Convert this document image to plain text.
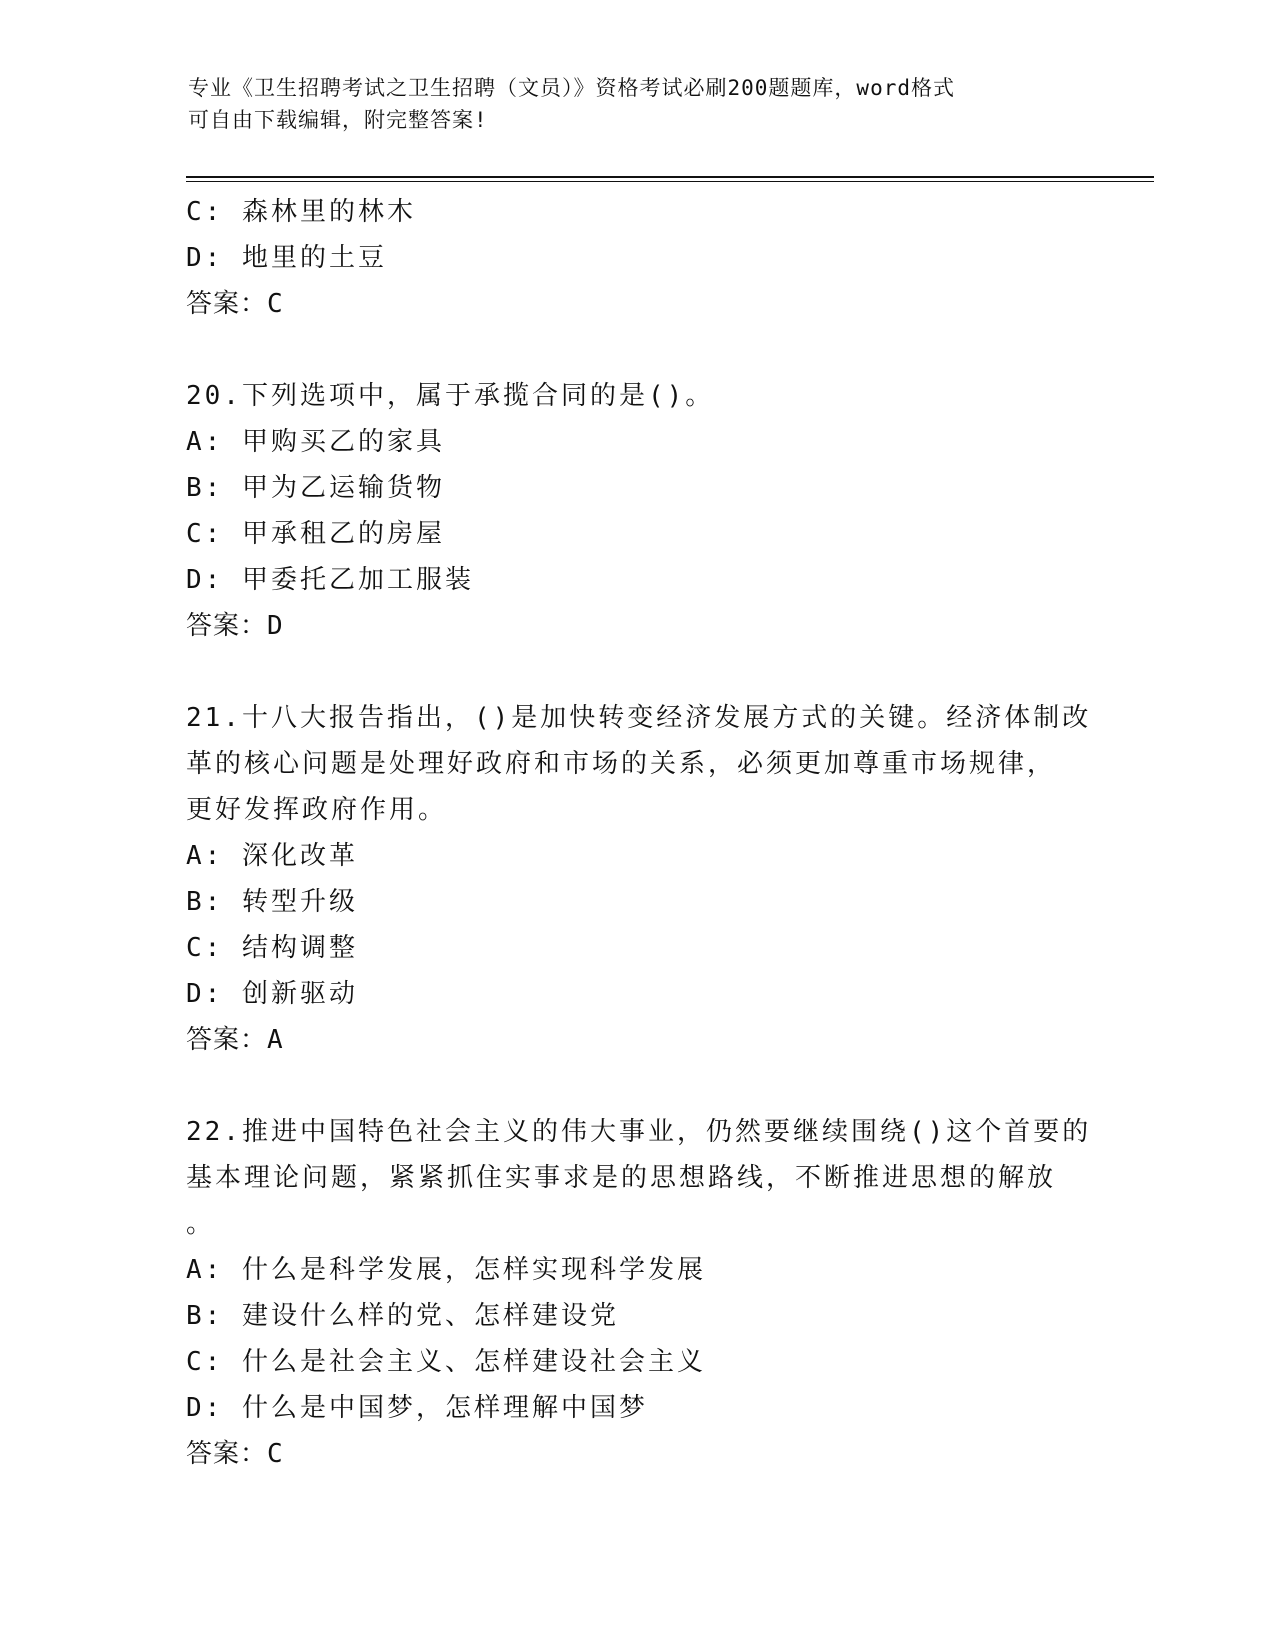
专业《卫生招聘考试之卫生招聘（文员）》资格考试必刷200题题库，word格式
可自由下载编辑，附完整答案!
C: 森林里的林木
D: 地里的土豆
答案：C
20.下列选项中，属于承揽合同的是()。
A: 甲购买乙的家具
B: 甲为乙运输货物
C: 甲承租乙的房屋
D: 甲委托乙加工服装
答案：D
21.十八大报告指出，()是加快转变经济发展方式的关键。经济体制改
革的核心问题是处理好政府和市场的关系，必须更加尊重市场规律，
更好发挥政府作用。
A: 深化改革
B: 转型升级
C: 结构调整
D: 创新驱动
答案：A
22.推进中国特色社会主义的伟大事业，仍然要继续围绕()这个首要的
基本理论问题，紧紧抓住实事求是的思想路线，不断推进思想的解放
。
A: 什么是科学发展，怎样实现科学发展
B: 建设什么样的党、怎样建设党
C: 什么是社会主义、怎样建设社会主义
D: 什么是中国梦，怎样理解中国梦
答案：C
